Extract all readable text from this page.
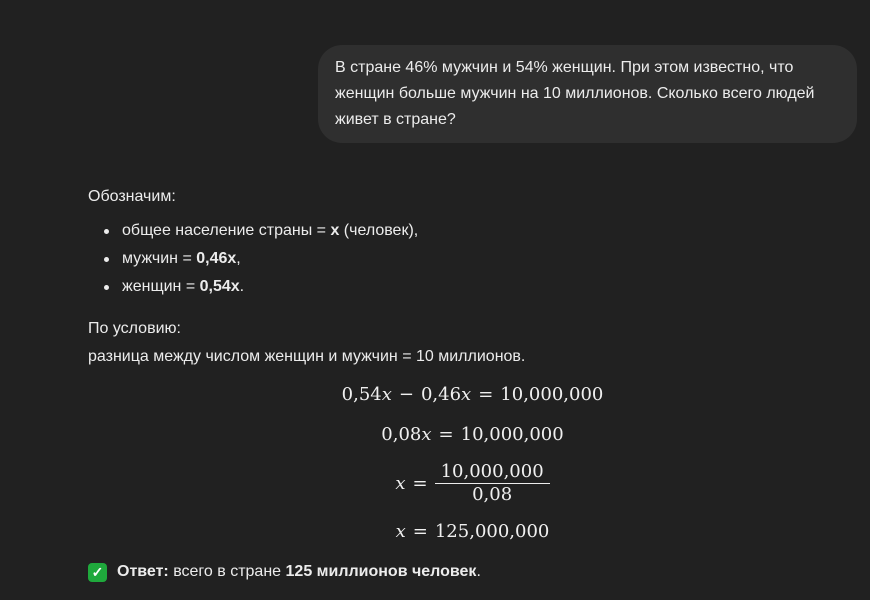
В стране 46% мужчин и 54% женщин. При этом известно, что женщин больше мужчин на 10 миллионов. Сколько всего людей живет в стране?

Обозначим:

общее население страны = x (человек),
мужчин = 0,46x,
женщин = 0,54x.

По условию:

разница между числом женщин и мужчин = 10 миллионов.

0,54 x − 0,46 x = 10,000,000
0,08 x = 10,000,000
$x = \frac{10,000,000}{0,08}$
x = 125,000,000

✓ Ответ: всего в стране 125 миллионов человек.
